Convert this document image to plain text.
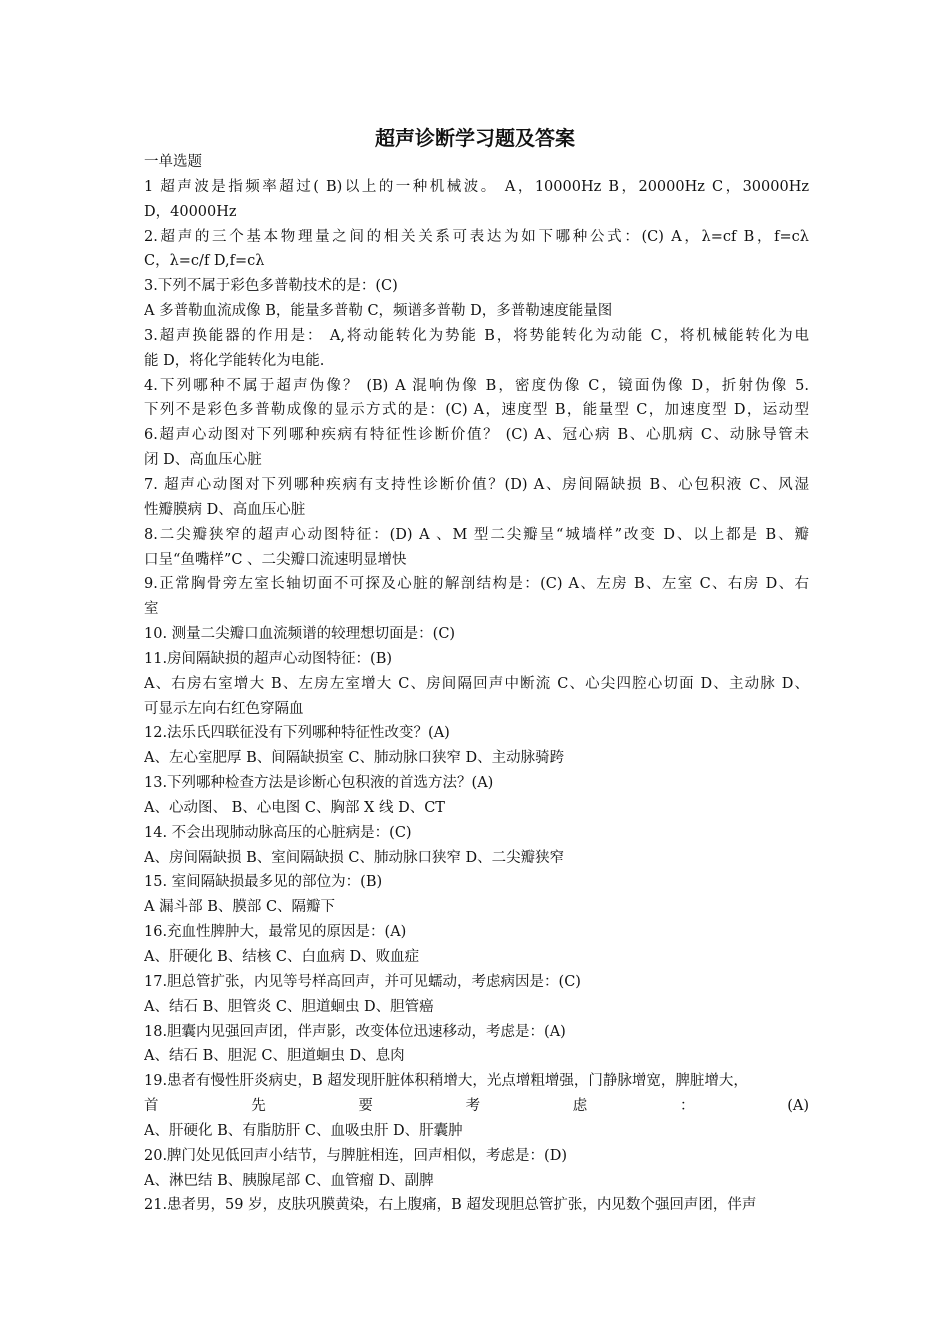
超声诊断学习题及答案
一单选题
1 超声波是指频率超过( B)以上的一种机械波。 A，10000Hz B，20000Hz C，30000Hz
D，40000Hz
2.超声的三个基本物理量之间的相关关系可表达为如下哪种公式：(C) A，λ=cf B，f=cλ
C，λ=c/f D,f=cλ
3.下列不属于彩色多普勒技术的是：(C)
A 多普勒血流成像 B，能量多普勒 C，频谱多普勒 D，多普勒速度能量图
3.超声换能器的作用是： A,将动能转化为势能 B，将势能转化为动能 C，将机械能转化为电
能 D，将化学能转化为电能.
4.下列哪种不属于超声伪像？ (B) A 混响伪像 B，密度伪像 C，镜面伪像 D，折射伪像 5.
下列不是彩色多普勒成像的显示方式的是：(C) A，速度型 B，能量型 C，加速度型 D，运动型
6.超声心动图对下列哪种疾病有特征性诊断价值？ (C) A、冠心病 B、心肌病 C、动脉导管未
闭 D、高血压心脏
7. 超声心动图对下列哪种疾病有支持性诊断价值？(D) A、房间隔缺损 B、心包积液 C、风湿
性瓣膜病 D、高血压心脏
8.二尖瓣狭窄的超声心动图特征：(D) A 、M 型二尖瓣呈“城墙样”改变 D、以上都是 B、瓣
口呈“鱼嘴样”C 、二尖瓣口流速明显增快
9.正常胸骨旁左室长轴切面不可探及心脏的解剖结构是：(C) A、左房 B、左室 C、右房 D、右
室
10. 测量二尖瓣口血流频谱的较理想切面是：(C)
11.房间隔缺损的超声心动图特征：(B)
A、右房右室增大 B、左房左室增大 C、房间隔回声中断流 C、心尖四腔心切面 D、主动脉 D、
可显示左向右红色穿隔血
12.法乐氏四联征没有下列哪种特征性改变？(A)
A、左心室肥厚 B、间隔缺损室 C、肺动脉口狭窄 D、主动脉骑跨
13.下列哪种检查方法是诊断心包积液的首选方法？(A)
A、心动图、 B、心电图 C、胸部 X 线 D、CT
14. 不会出现肺动脉高压的心脏病是：(C)
A、房间隔缺损 B、室间隔缺损 C、肺动脉口狭窄 D、二尖瓣狭窄
15. 室间隔缺损最多见的部位为：(B)
A 漏斗部 B、膜部 C、隔瓣下
16.充血性脾肿大，最常见的原因是：(A)
A、肝硬化 B、结核 C、白血病 D、败血症
17.胆总管扩张，内见等号样高回声，并可见蠕动，考虑病因是：(C)
A、结石 B、胆管炎 C、胆道蛔虫 D、胆管癌
18.胆囊内见强回声团，伴声影，改变体位迅速移动，考虑是：(A)
A、结石 B、胆泥 C、胆道蛔虫 D、息肉
19.患者有慢性肝炎病史，B 超发现肝脏体积稍增大，光点增粗增强，门静脉增宽，脾脏增大，
首先要考虑：(A)
A、肝硬化 B、有脂肪肝 C、血吸虫肝 D、肝囊肿
20.脾门处见低回声小结节，与脾脏相连，回声相似，考虑是：(D)
A、淋巴结 B、胰腺尾部 C、血管瘤 D、副脾
21.患者男，59 岁，皮肤巩膜黄染，右上腹痛，B 超发现胆总管扩张，内见数个强回声团，伴声
